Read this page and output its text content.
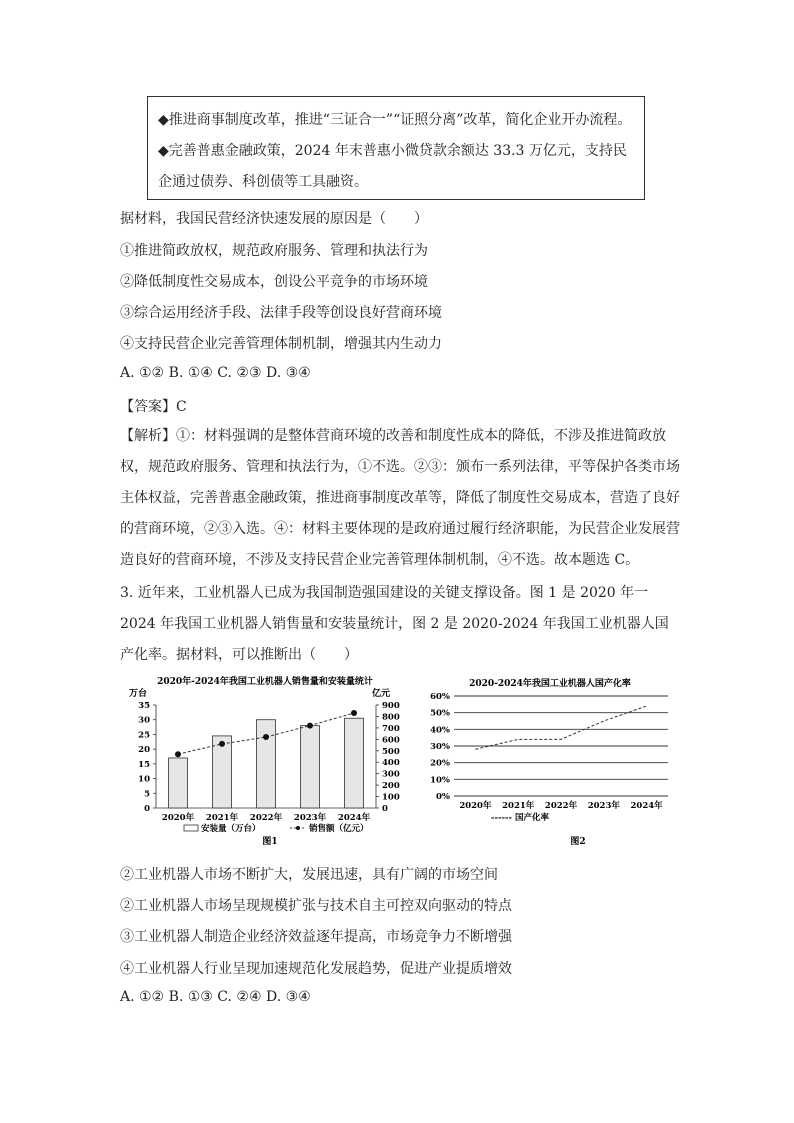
◆推进商事制度改革，推进“三证合一”“证照分离”改革，简化企业开办流程。
◆完善普惠金融政策，2024 年末普惠小微贷款余额达 33.3 万亿元，支持民企通过债券、科创债等工具融资。
据材料，我国民营经济快速发展的原因是（　　）
①推进简政放权，规范政府服务、管理和执法行为
②降低制度性交易成本，创设公平竞争的市场环境
③综合运用经济手段、法律手段等创设良好营商环境
④支持民营企业完善管理体制机制，增强其内生动力
A. ①② B. ①④ C. ②③ D. ③④
【答案】C
【解析】①：材料强调的是整体营商环境的改善和制度性成本的降低，不涉及推进简政放权，规范政府服务、管理和执法行为，①不选。②③：颁布一系列法律，平等保护各类市场主体权益，完善普惠金融政策，推进商事制度改革等，降低了制度性交易成本，营造了良好的营商环境，②③入选。④：材料主要体现的是政府通过履行经济职能，为民营企业发展营造良好的营商环境，不涉及支持民营企业完善管理体制机制，④不选。故本题选 C。
3. 近年来，工业机器人已成为我国制造强国建设的关键支撑设备。图 1 是 2020 年一 2024 年我国工业机器人销售量和安装量统计，图 2 是 2020-2024 年我国工业机器人国产化率。据材料，可以推断出（　　）
2020年-2024年我国工业机器人销售量和安装量统计
万台	亿元
0
5
10
15
20
25
30
35
0
100
200
300
400
500
600
700
800
900
2020年 2021年 2022年 2023年 2024年
安装量（万台）	销售额（亿元）
图1
2020-2024年我国工业机器人国产化率
0%
10%
20%
30%
40%
50%
60%
2020年 2021年 2022年 2023年 2024年
------ 国产化率
图2
②工业机器人市场不断扩大，发展迅速，具有广阔的市场空间
②工业机器人市场呈现规模扩张与技术自主可控双向驱动的特点
③工业机器人制造企业经济效益逐年提高，市场竞争力不断增强
④工业机器人行业呈现加速规范化发展趋势，促进产业提质增效
A. ①② B. ①③ C. ②④ D. ③④
